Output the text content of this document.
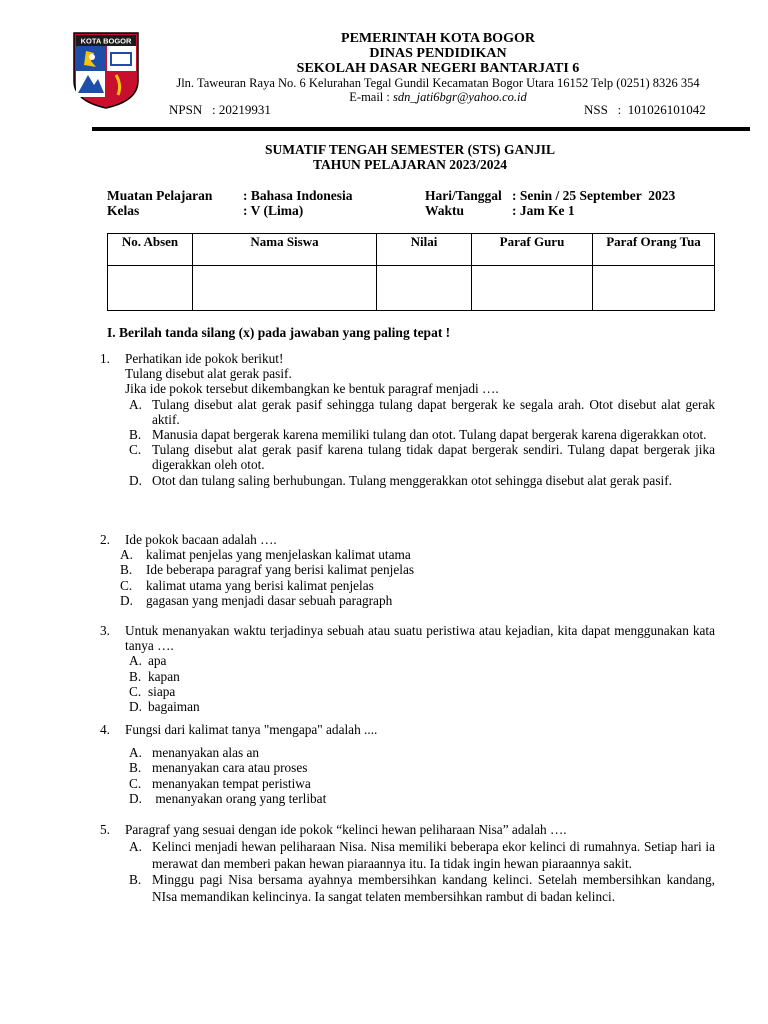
KOTA BOGOR	PEMERINTAH KOTA BOGOR
DINAS PENDIDIKAN
SEKOLAH DASAR NEGERI BANTARJATI 6
Jln. Taweuran Raya No. 6 Kelurahan Tegal Gundil Kecamatan Bogor Utara 16152 Telp (0251) 8326 354
E-mail : sdn_jati6bgr@yahoo.co.id
NPSN   : 20219931	NSS   :  101026101042
SUMATIF TENGAH SEMESTER (STS) GANJIL
TAHUN PELAJARAN 2023/2024
Muatan Pelajaran : Bahasa Indonesia	Hari/Tanggal : Senin / 25 September  2023
Kelas	: V (Lima)	Waktu	: Jam Ke 1
No. Absen	Nama Siswa	Nilai	Paraf Guru	Paraf Orang Tua

I. Berilah tanda silang (x) pada jawaban yang paling tepat !
1. Perhatikan ide pokok berikut!

Tulang disebut alat gerak pasif.

Jika ide pokok tersebut dikembangkan ke bentuk paragraf menjadi ….

A. Tulang disebut alat gerak pasif sehingga tulang dapat bergerak ke segala arah. Otot disebut alat gerak aktif.
B. Manusia dapat bergerak karena memiliki tulang dan otot. Tulang dapat bergerak karena digerakkan otot.
C. Tulang disebut alat gerak pasif karena tulang tidak dapat bergerak sendiri. Tulang dapat bergerak jika digerakkan oleh otot.
D. Otot dan tulang saling berhubungan. Tulang menggerakkan otot sehingga disebut alat gerak pasif.
2. Ide pokok bacaan adalah ….

A. kalimat penjelas yang menjelaskan kalimat utama
B. Ide beberapa paragraf yang berisi kalimat penjelas
C. kalimat utama yang berisi kalimat penjelas
D. gagasan yang menjadi dasar sebuah paragraph
3. Untuk menanyakan waktu terjadinya sebuah atau suatu peristiwa atau kejadian, kita dapat menggunakan kata tanya ….

A. apa
B. kapan
C. siapa
D. bagaiman
4. Fungsi dari kalimat tanya "mengapa" adalah ....

A. menanyakan alas an
B. menanyakan cara atau proses
C. menanyakan tempat peristiwa
D. menanyakan orang yang terlibat
5. Paragraf yang sesuai dengan ide pokok “kelinci hewan peliharaan Nisa” adalah ….

A. Kelinci menjadi hewan peliharaan Nisa. Nisa memiliki beberapa ekor kelinci di rumahnya. Setiap hari ia merawat dan memberi pakan hewan piaraannya itu. Ia tidak ingin hewan piaraannya sakit.
B. Minggu pagi Nisa bersama ayahnya membersihkan kandang kelinci. Setelah membersihkan kandang, NIsa memandikan kelincinya. Ia sangat telaten membersihkan rambut di badan kelinci.
